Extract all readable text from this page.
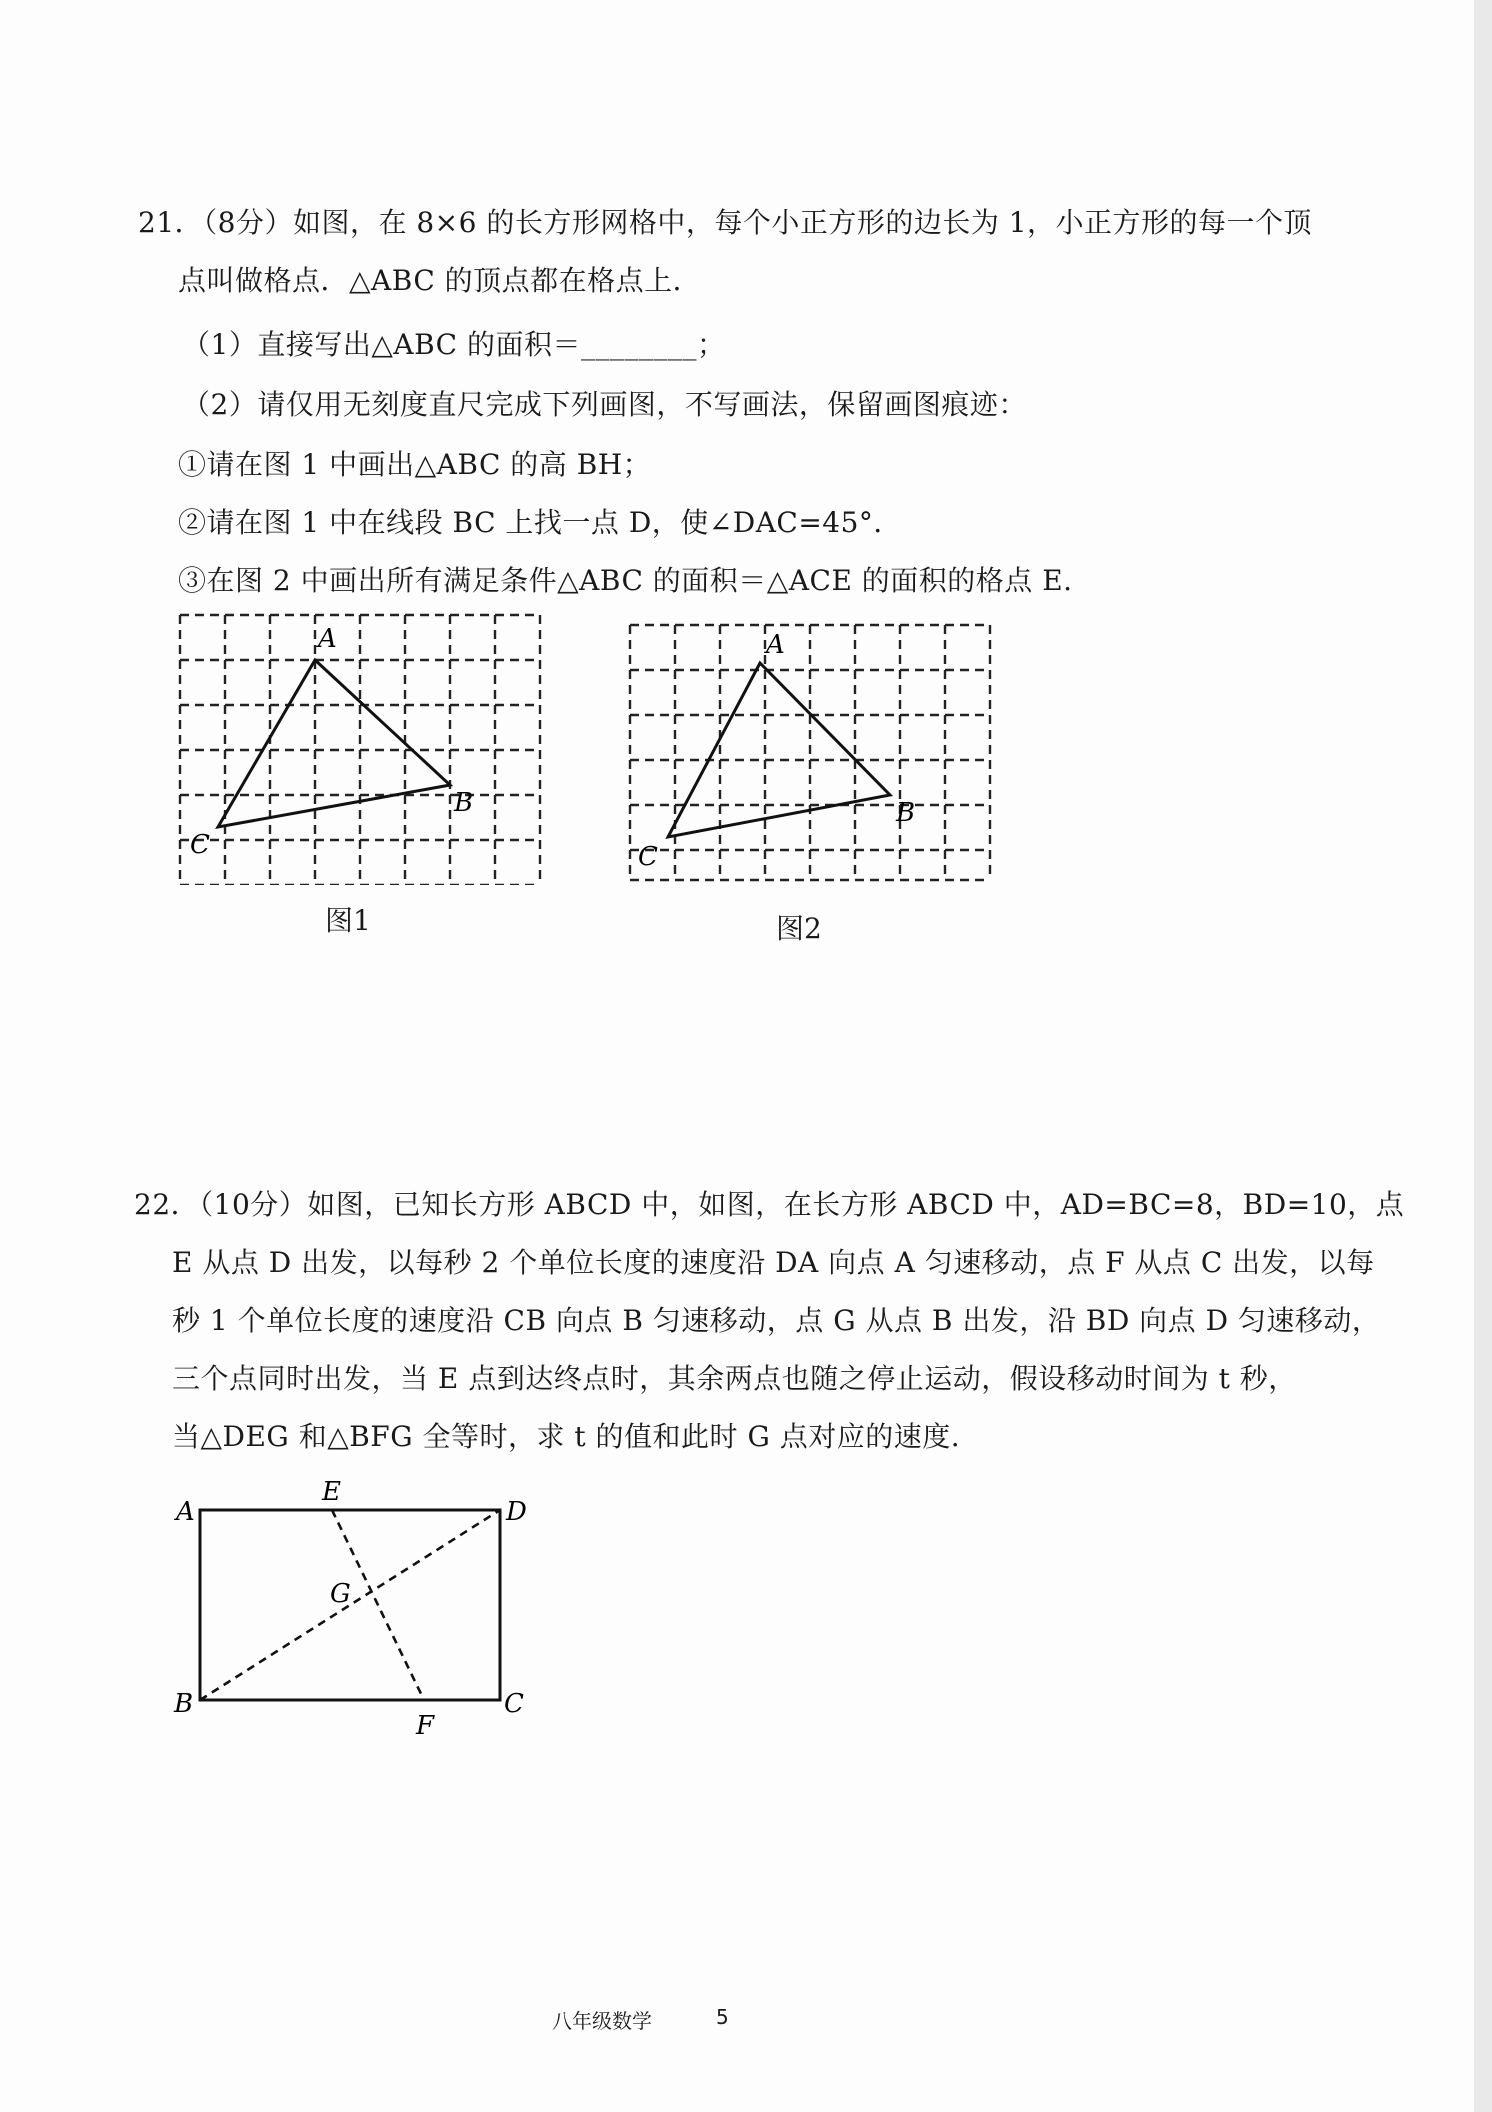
21．（8分）如图，在 8×6 的长方形网格中，每个小正方形的边长为 1，小正方形的每一个顶
点叫做格点．△ABC 的顶点都在格点上．
（1）直接写出△ABC 的面积＝________；
（2）请仅用无刻度直尺完成下列画图，不写画法，保留画图痕迹：
①请在图 1 中画出△ABC 的高 BH；
②请在图 1 中在线段 BC 上找一点 D，使∠DAC=45°．
③在图 2 中画出所有满足条件△ABC 的面积＝△ACE 的面积的格点 E.
A
B
C
图1
A
B
C
图2
22．（10分）如图，已知长方形 ABCD 中，如图，在长方形 ABCD 中，AD=BC=8，BD=10，点
E 从点 D 出发，以每秒 2 个单位长度的速度沿 DA 向点 A 匀速移动，点 F 从点 C 出发，以每
秒 1 个单位长度的速度沿 CB 向点 B 匀速移动，点 G 从点 B 出发，沿 BD 向点 D 匀速移动，
三个点同时出发，当 E 点到达终点时，其余两点也随之停止运动，假设移动时间为 t 秒，
当△DEG 和△BFG 全等时，求 t 的值和此时 G 点对应的速度.
A	D
B	C
E
F
G
八年级数学	5
